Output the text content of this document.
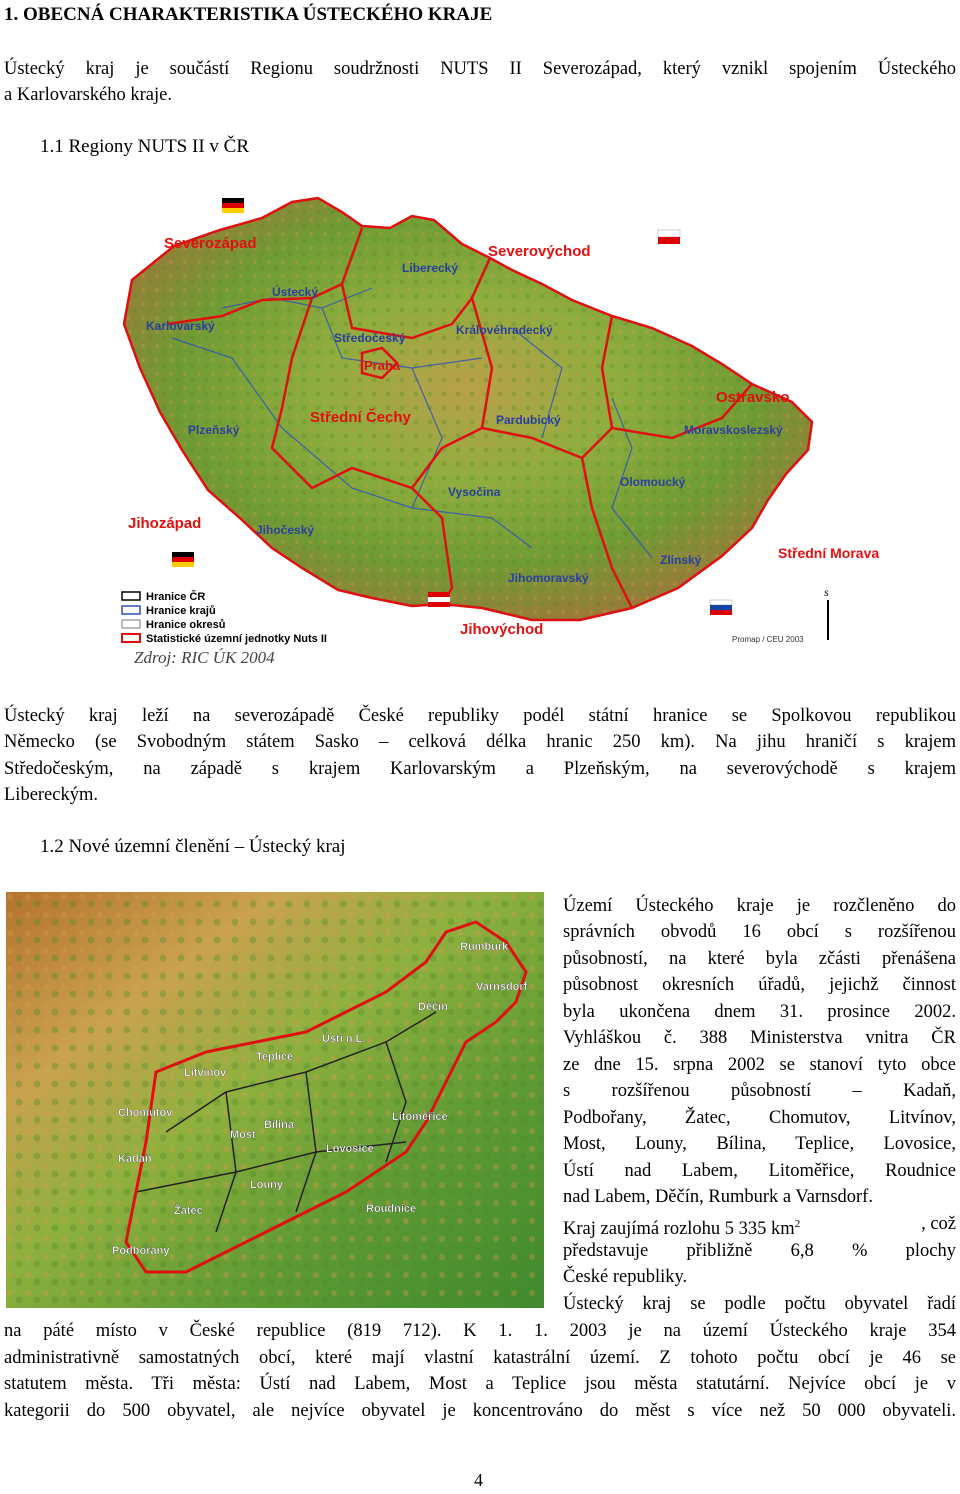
1. OBECNÁ CHARAKTERISTIKA ÚSTECKÉHO KRAJE
Ústecký kraj je součástí Regionu soudržnosti NUTS II Severozápad, který vznikl spojením Ústeckého
a Karlovarského kraje.
1.1 Regiony NUTS II v ČR
Severozápad	Severovýchod
Jihozápad
Jihovýchod
Ostravsko
Střední Čechy
Praha
Střední Morava
Liberecký
Ústecký
Karlovarský
Středočeský
Královéhradecký
Plzeňský
Pardubický
Moravskoslezský
Olomoucký
Vysočina
Jihočeský
Zlínský
Jihomoravský
Hranice ČR
Hranice krajů
Hranice okresů
Statistické územní jednotky Nuts II	Promap / CEU 2003
s
Zdroj: RIC ÚK 2004
Ústecký kraj leží na severozápadě České republiky podél státní hranice se Spolkovou republikou
Německo (se Svobodným státem Sasko – celková délka hranic 250 km). Na jihu hraničí s krajem
Středočeským, na západě s krajem Karlovarským a Plzeňským, na severovýchodě s krajem
Libereckým.
1.2 Nové územní členění – Ústecký kraj
Rumburk
Varnsdorf
Děčín
Ústí n.L.
Teplice
Litvínov
Chomutov
Most
Bílina
Lovosice
Litoměřice
Roudnice
Louny
Kadaň
Žatec
Podbořany
Území Ústeckého kraje je rozčleněno do
správních obvodů 16 obcí s rozšířenou
působností, na které byla zčásti přenášena
působnost okresních úřadů, jejichž činnost
byla ukončena dnem 31. prosince 2002.
Vyhláškou č. 388 Ministerstva vnitra ČR
ze dne 15. srpna 2002 se stanoví tyto obce
s rozšířenou působností – Kadaň,
Podbořany, Žatec, Chomutov, Litvínov,
Most, Louny, Bílina, Teplice, Lovosice,
Ústí nad Labem, Litoměřice, Roudnice
nad Labem, Děčín, Rumburk a Varnsdorf.
Kraj zaujímá rozlohu 5 335 $km^2$	, což
představuje přibližně 6,8 % plochy
České republiky.
Ústecký kraj se podle počtu obyvatel řadí
na páté místo v České republice (819 712). K 1. 1. 2003 je na území Ústeckého kraje 354
administrativně samostatných obcí, které mají vlastní katastrální území. Z tohoto počtu obcí je 46 se
statutem města. Tři města: Ústí nad Labem, Most a Teplice jsou města statutární. Nejvíce obcí je v
kategorii do 500 obyvatel, ale nejvíce obyvatel je koncentrováno do měst s více než 50 000 obyvateli.
4
